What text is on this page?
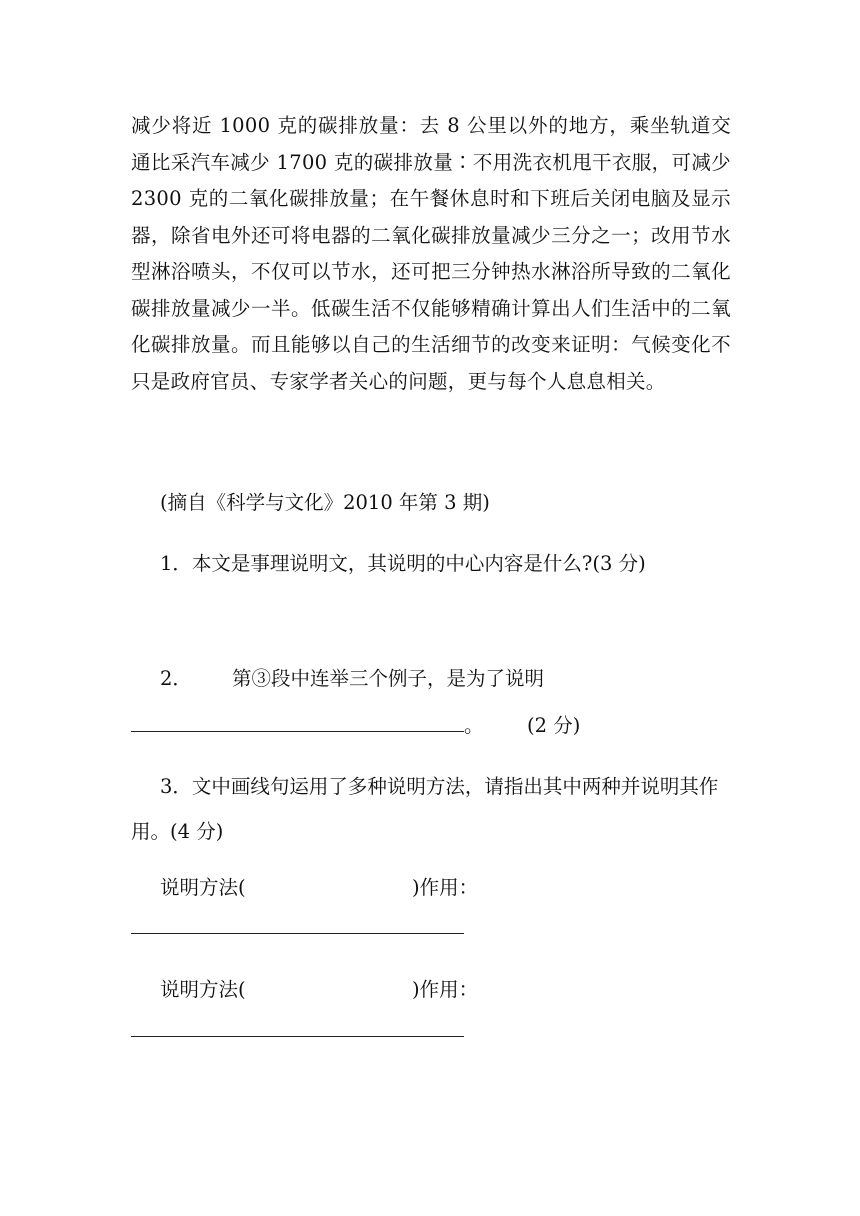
减少将近 1000 克的碳排放量：去 8 公里以外的地方，乘坐轨道交通比采汽车减少 1700 克的碳排放量∶不用洗衣机甩干衣服，可减少 2300 克的二氧化碳排放量；在午餐休息时和下班后关闭电脑及显示器，除省电外还可将电器的二氧化碳排放量减少三分之一；改用节水型淋浴喷头，不仅可以节水，还可把三分钟热水淋浴所导致的二氧化碳排放量减少一半。低碳生活不仅能够精确计算出人们生活中的二氧化碳排放量。而且能够以自己的生活细节的改变来证明：气候变化不只是政府官员、专家学者关心的问题，更与每个人息息相关。
(摘自《科学与文化》2010 年第 3 期)
1．本文是事理说明文，其说明的中心内容是什么?(3 分)
2． 第③段中连举三个例子，是为了说明
。 (2 分)
3．文中画线句运用了多种说明方法，请指出其中两种并说明其作
用。(4 分)
说明方法(	)作用：
说明方法(	)作用：
